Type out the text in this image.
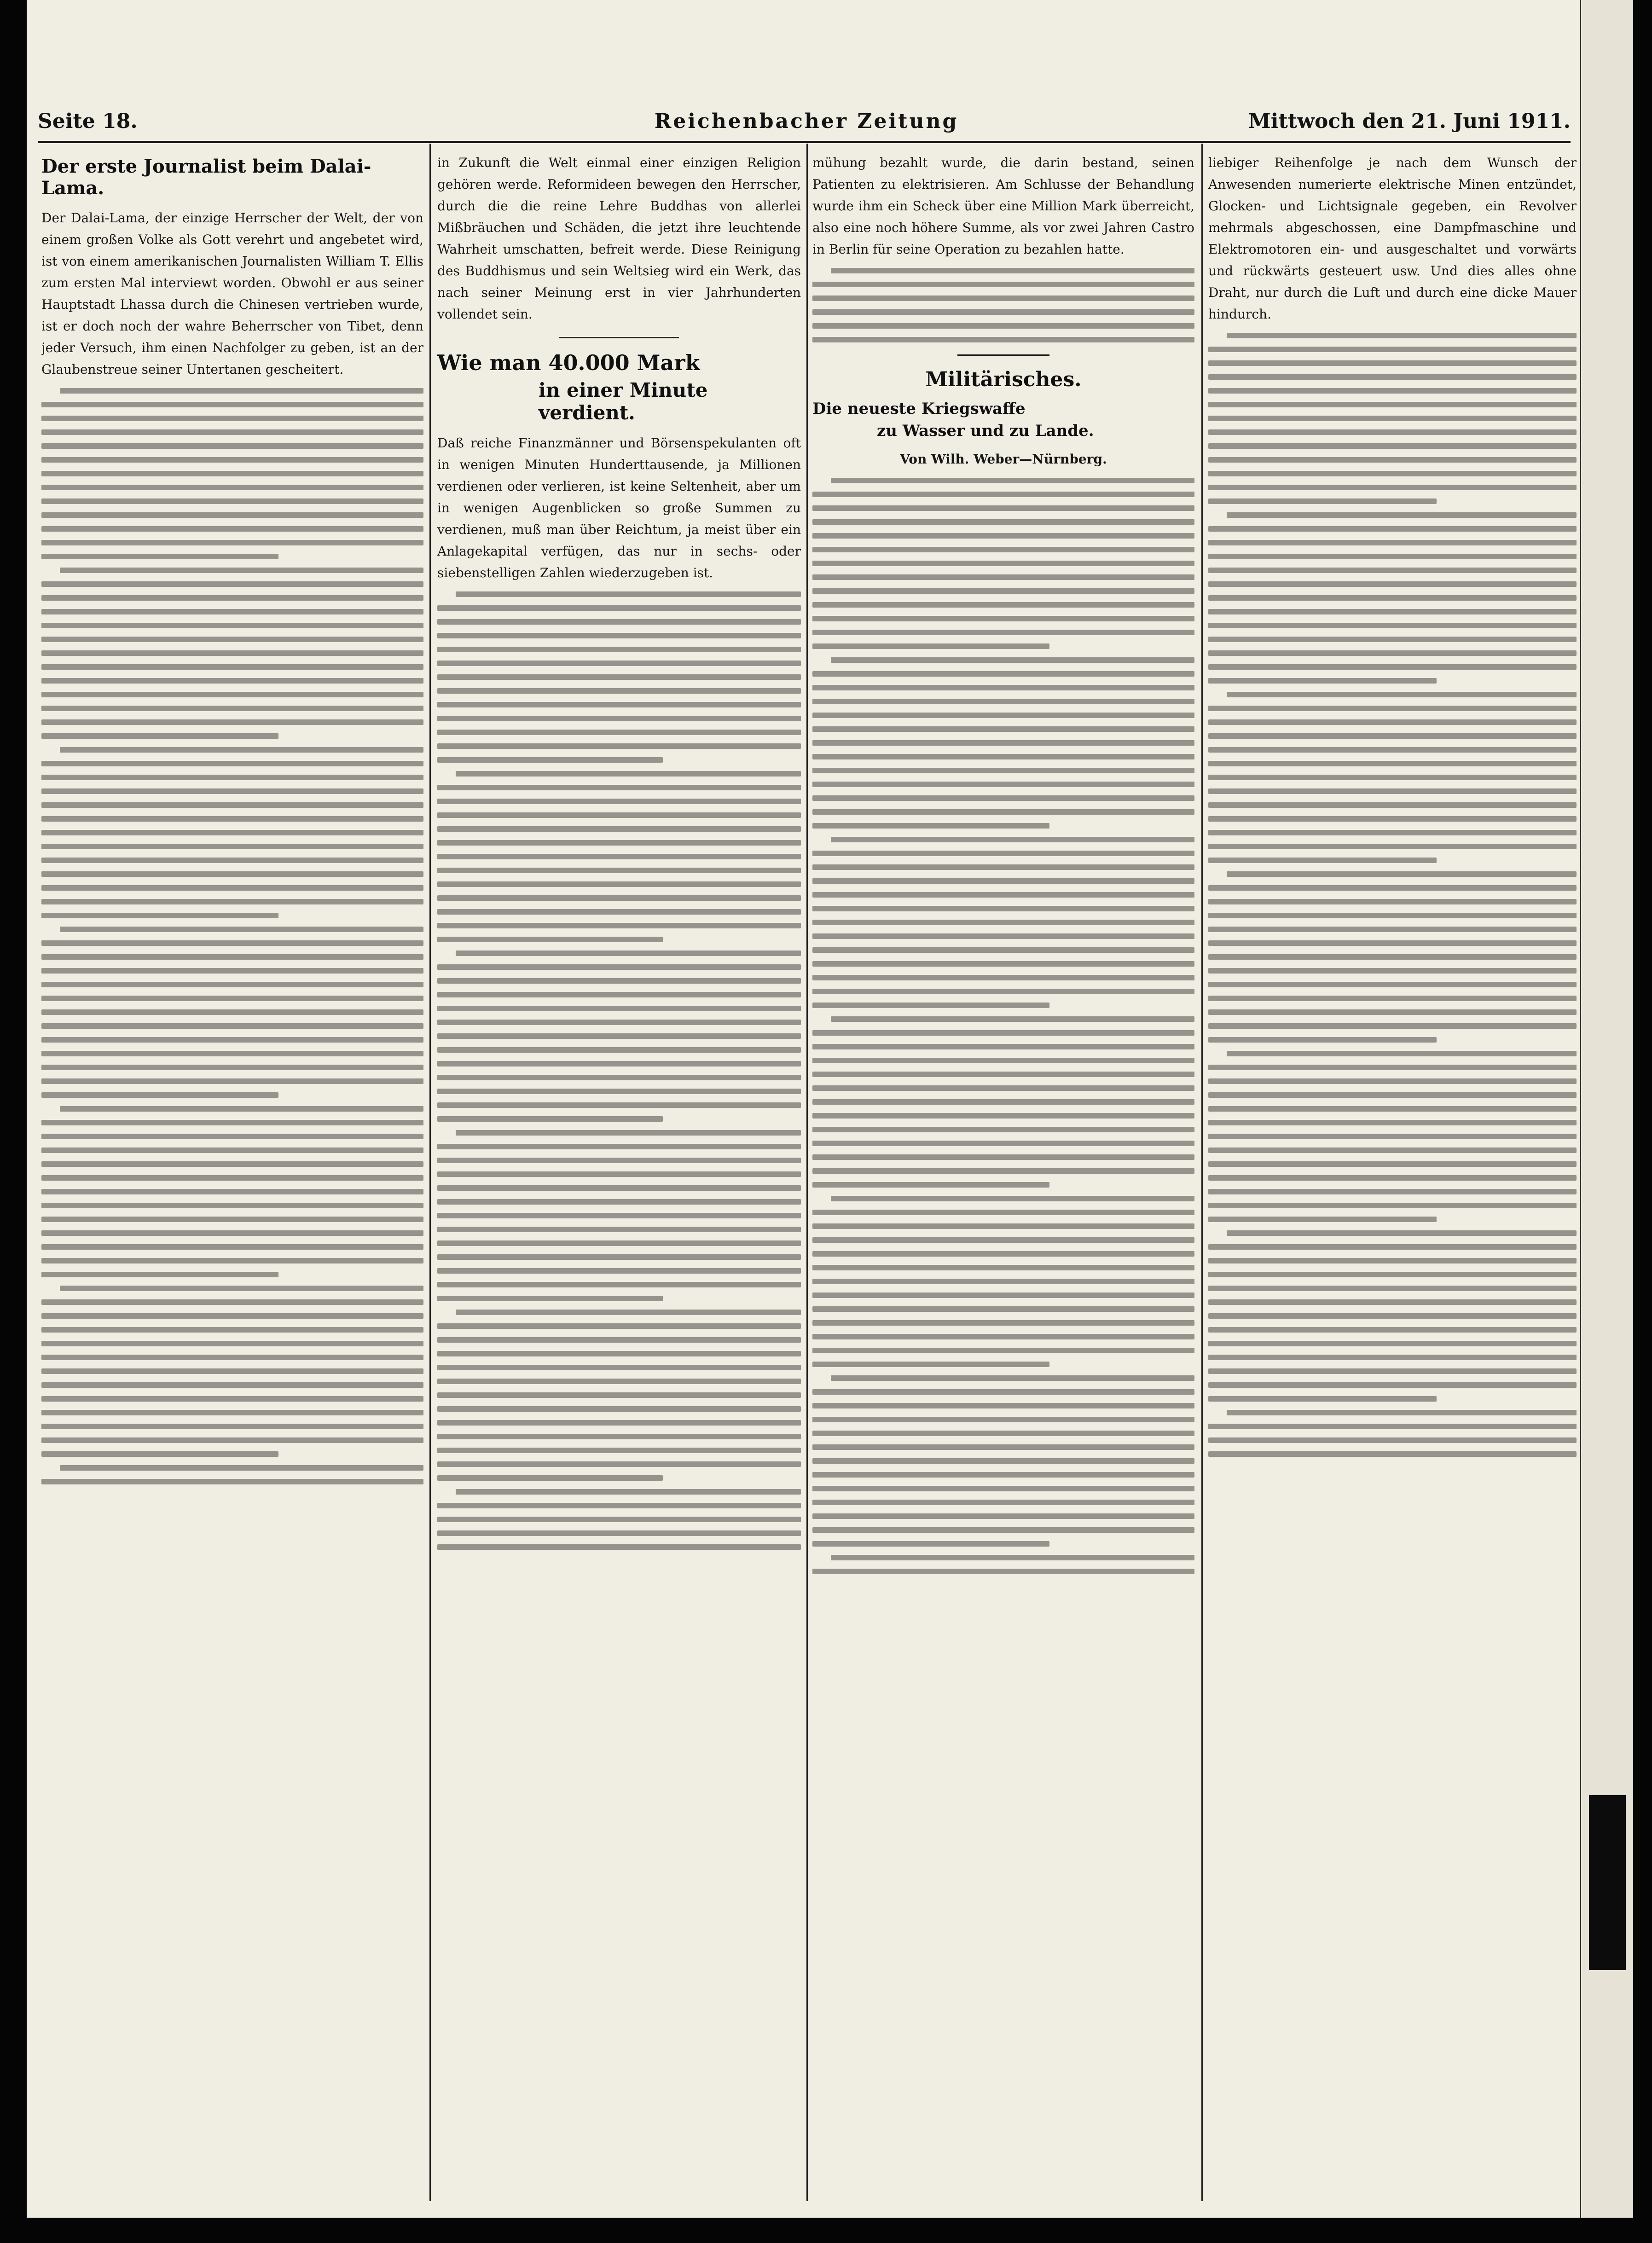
Seite 18.	Reichenbacher Zeitung	Mittwoch den 21. Juni 1911.
Der erste Journalist beim Dalai-Lama.

Der Dalai-Lama, der einzige Herrscher der Welt, der von einem großen Volke als Gott verehrt und angebetet wird, ist von einem amerikanischen Journalisten William T. Ellis zum ersten Mal interviewt worden. Obwohl er aus seiner Hauptstadt Lhassa durch die Chinesen vertrieben wurde, ist er doch noch der wahre Beherrscher von Tibet, denn jeder Versuch, ihm einen Nachfolger zu geben, ist an der Glaubenstreue seiner Untertanen gescheitert.

in Zukunft die Welt einmal einer einzigen Religion gehören werde. Reformideen bewegen den Herrscher, durch die die reine Lehre Buddhas von allerlei Mißbräuchen und Schäden, die jetzt ihre leuchtende Wahrheit umschatten, befreit werde. Diese Reinigung des Buddhismus und sein Weltsieg wird ein Werk, das nach seiner Meinung erst in vier Jahrhunderten vollendet sein.

Wie man 40.000 Mark
in einer Minute verdient.

Daß reiche Finanzmänner und Börsenspekulanten oft in wenigen Minuten Hunderttausende, ja Millionen verdienen oder verlieren, ist keine Seltenheit, aber um in wenigen Augenblicken so große Summen zu verdienen, muß man über Reichtum, ja meist über ein Anlagekapital verfügen, das nur in sechs- oder siebenstelligen Zahlen wiederzugeben ist.

mühung bezahlt wurde, die darin bestand, seinen Patienten zu elektrisieren. Am Schlusse der Behandlung wurde ihm ein Scheck über eine Million Mark überreicht, also eine noch höhere Summe, als vor zwei Jahren Castro in Berlin für seine Operation zu bezahlen hatte.

Militärisches.
Die neueste Kriegswaffe
zu Wasser und zu Lande.
Von Wilh. Weber—Nürnberg.

liebiger Reihenfolge je nach dem Wunsch der Anwesenden numerierte elektrische Minen entzündet, Glocken- und Lichtsignale gegeben, ein Revolver mehrmals abgeschossen, eine Dampfmaschine und Elektromotoren ein- und ausgeschaltet und vorwärts und rückwärts gesteuert usw. Und dies alles ohne Draht, nur durch die Luft und durch eine dicke Mauer hindurch.
